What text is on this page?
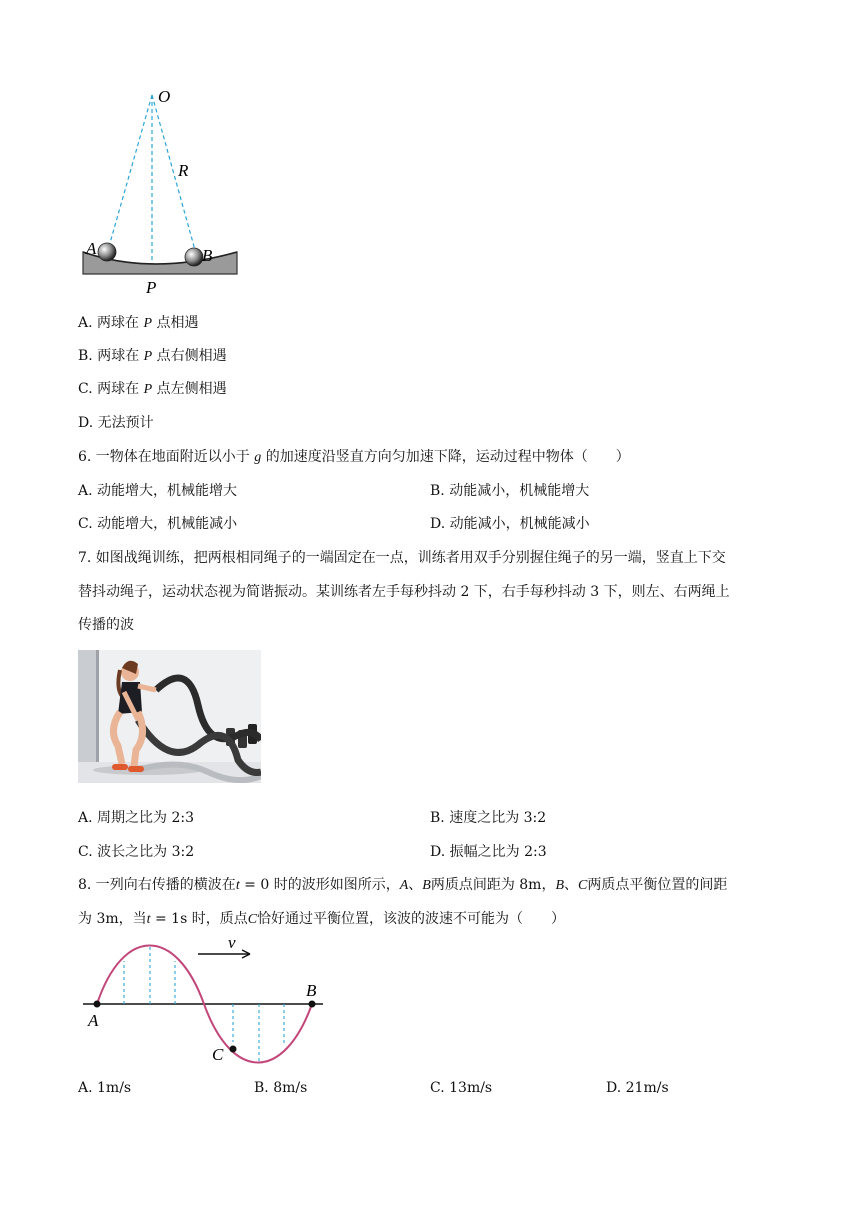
O
R
A	B
P
A. 两球在 P 点相遇
B. 两球在 P 点右侧相遇
C. 两球在 P 点左侧相遇
D. 无法预计
6. 一物体在地面附近以小于 g 的加速度沿竖直方向匀加速下降，运动过程中物体（　　）
A. 动能增大，机械能增大	B. 动能减小，机械能增大
C. 动能增大，机械能减小	D. 动能减小，机械能减小
7. 如图战绳训练，把两根相同绳子的一端固定在一点，训练者用双手分别握住绳子的另一端，竖直上下交
替抖动绳子，运动状态视为简谐振动。某训练者左手每秒抖动 2 下，右手每秒抖动 3 下，则左、右两绳上
传播的波
A. 周期之比为 2:3	B. 速度之比为 3:2
C. 波长之比为 3:2	D. 振幅之比为 2:3
8. 一列向右传播的横波在t = 0 时的波形如图所示，A、B两质点间距为 8m，B、C两质点平衡位置的间距
为 3m，当t = 1s 时，质点C恰好通过平衡位置，该波的波速不可能为（　　）
v
A
B
C
A. 1m/s	B. 8m/s	C. 13m/s	D. 21m/s
